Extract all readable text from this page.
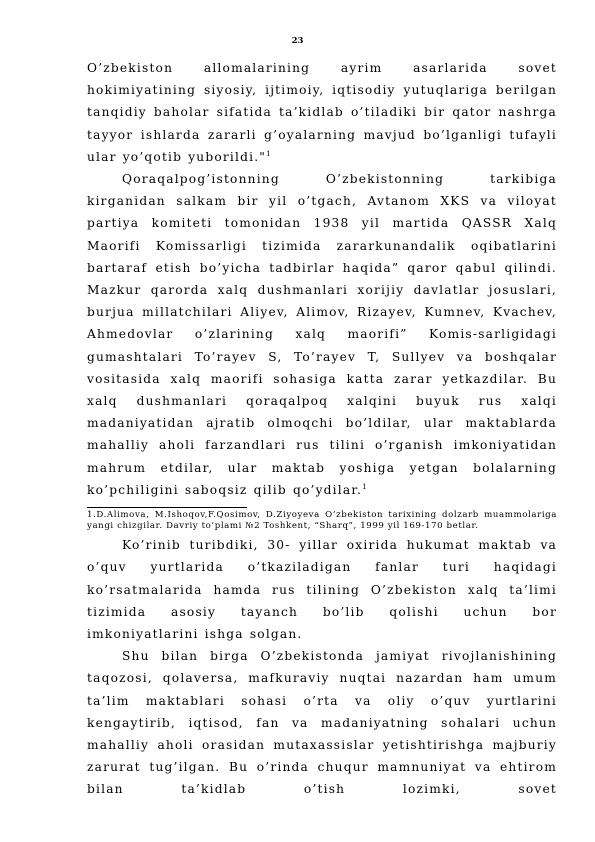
23

O’zbekiston allomalarining ayrim asarlarida sovet hokimiyatining siyosiy, ijtimoiy, iqtisodiy yutuqlariga berilgan tanqidiy baholar sifatida ta’kidlab o’tiladiki bir qator nashrga tayyor ishlarda zararli g’oyalarning mavjud bo’lganligi tufayli ular yo’qotib yuborildi."$^1$

Qoraqalpog’istonning O’zbekistonning tarkibiga kirganidan salkam bir yil o’tgach, Avtanom XKS va viloyat partiya komiteti tomonidan 1938 yil martida QASSR Xalq Maorifi Komissarligi tizimida zararkunandalik oqibatlarini bartaraf etish bo’yicha tadbirlar haqida” qaror qabul qilindi. Mazkur qarorda xalq dushmanlari xorijiy davlatlar josuslari, burjua millatchilari Aliyev, Alimov, Rizayev, Kumnev, Kvachev, Ahmedovlar o’zlarining xalq maorifi” Komis-sarligidagi gumashtalari To’rayev S, To’rayev T, Sullyev va boshqalar vositasida xalq maorifi sohasiga katta zarar yetkazdilar. Bu xalq dushmanlari qoraqalpoq xalqini buyuk rus xalqi madaniyatidan ajratib olmoqchi bo’ldilar, ular maktablarda mahalliy aholi farzandlari rus tilini o’rganish imkoniyatidan mahrum etdilar, ular maktab yoshiga yetgan bolalarning ko’pchiligini saboqsiz qilib qo’ydilar.$^1$

1.D.Alimova, M.Ishoqov,F.Qosimov, D.Ziyoyeva O’zbekiston tarixining dolzarb muammolariga yangi chizgilar. Davriy to’plami №2 Toshkent, “Sharq”, 1999 yil 169-170 betlar.

Ko’rinib turibdiki, 30- yillar oxirida hukumat maktab va o’quv yurtlarida o’tkaziladigan fanlar turi haqidagi ko’rsatmalarida hamda rus tilining O’zbekiston xalq ta’limi tizimida asosiy tayanch bo’lib qolishi uchun bor imkoniyatlarini ishga solgan.

Shu bilan birga O’zbekistonda jamiyat rivojlanishining taqozosi, qolaversa, mafkuraviy nuqtai nazardan ham umum ta’lim maktablari sohasi o’rta va oliy o’quv yurtlarini kengaytirib, iqtisod, fan va madaniyatning sohalari uchun mahalliy aholi orasidan mutaxassislar yetishtirishga majburiy zarurat tug’ilgan. Bu o’rinda chuqur mamnuniyat va ehtirom bilan ta’kidlab o’tish lozimki, sovet
